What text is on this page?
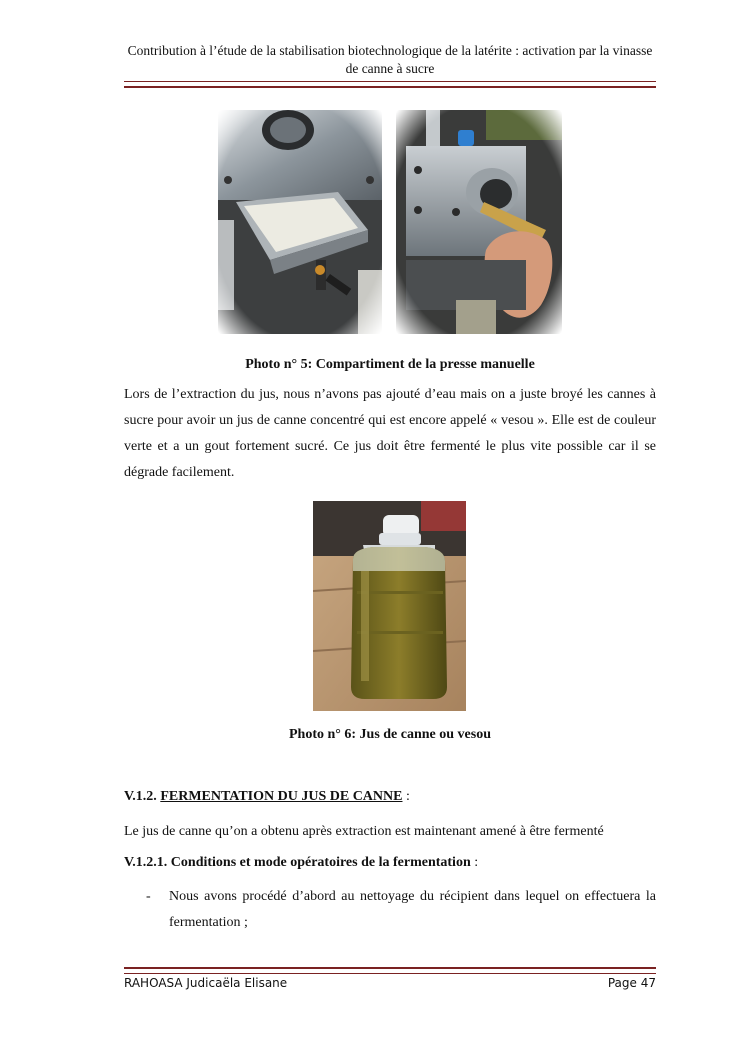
Contribution à l’étude de la stabilisation biotechnologique de la latérite : activation par la vinasse de canne à sucre
Photo n° 5: Compartiment de la presse manuelle

Lors de l’extraction du jus, nous n’avons pas ajouté d’eau mais on a juste broyé les cannes à sucre pour avoir un jus de canne concentré qui est encore appelé « vesou ». Elle est de couleur verte et a un gout fortement sucré. Ce jus doit être fermenté le plus vite possible car il se dégrade facilement.

Photo n° 6: Jus de canne ou vesou
V.1.2. FERMENTATION DU JUS DE CANNE :

Le jus de canne qu’on a obtenu après extraction est maintenant amené à être fermenté

V.1.2.1. Conditions et mode opératoires de la fermentation :
- Nous avons procédé d’abord au nettoyage du récipient dans lequel on effectuera la fermentation ;

RAHOASA Judicaëla Elisane	Page 47
